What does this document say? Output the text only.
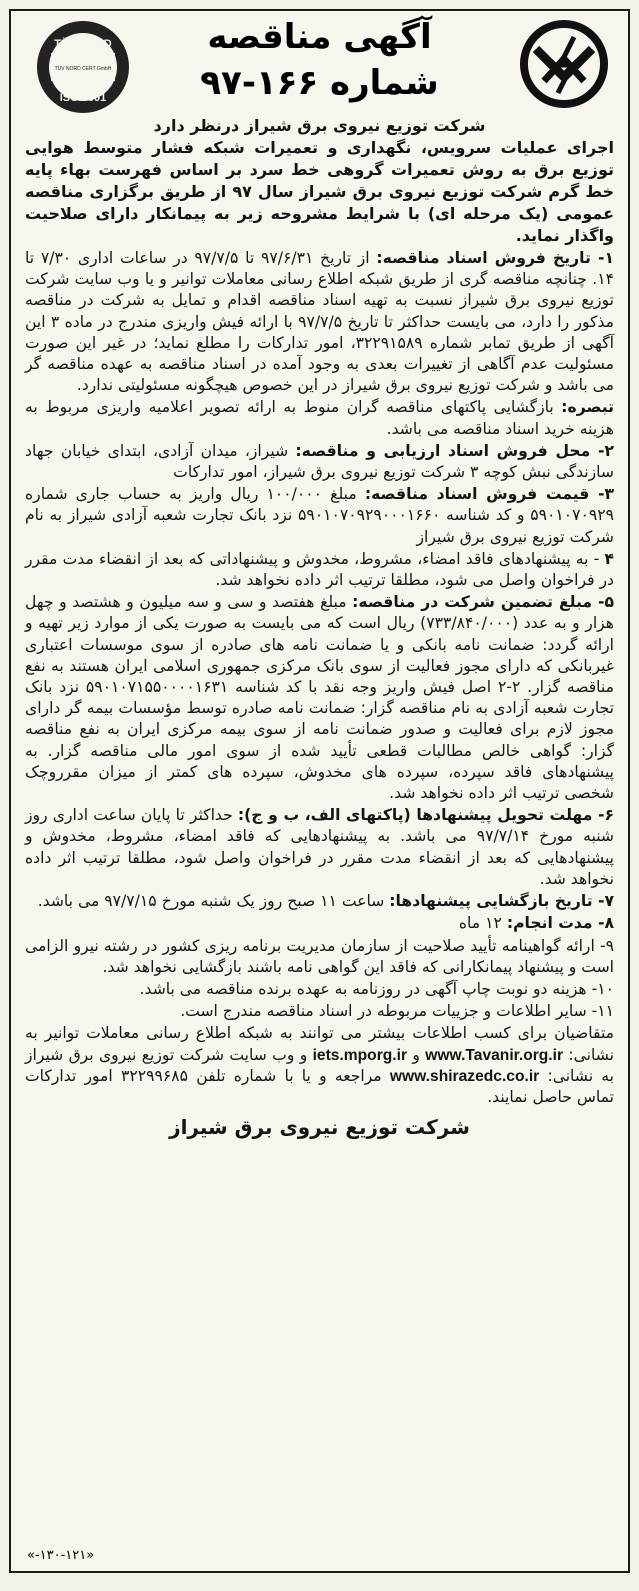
TÜV NORD
TÜV NORD CERT GmbH
ISO 9001
آگهی مناقصه
شماره ۱۶۶-۹۷
شرکت توزیع نیروی برق شیراز درنظر دارد

اجرای عملیات سرویس، نگهداری و تعمیرات شبکه فشار متوسط هوایی توزیع برق به روش تعمیرات گروهی خط سرد بر اساس فهرست بهاء پایه خط گرم شرکت توزیع نیروی برق شیراز سال ۹۷ از طریق برگزاری مناقصه عمومی (یک مرحله ای) با شرایط مشروحه زیر به پیمانکار دارای صلاحیت واگذار نماید.

۱- تاریخ فروش اسناد مناقصه: از تاریخ ۹۷/۶/۳۱ تا ۹۷/۷/۵ در ساعات اداری ۷/۳۰ تا ۱۴. چنانچه مناقصه گری از طریق شبکه اطلاع رسانی معاملات توانیر و یا وب سایت شرکت توزیع نیروی برق شیراز نسبت به تهیه اسناد مناقصه اقدام و تمایل به شرکت در مناقصه مذکور را دارد، می بایست حداکثر تا تاریخ ۹۷/۷/۵ با ارائه فیش واریزی مندرج در ماده ۳ این آگهی از طریق تمابر شماره ۳۲۲۹۱۵۸۹، امور تدارکات را مطلع نماید؛ در غیر این صورت مسئولیت عدم آگاهی از تغییرات بعدی به وجود آمده در اسناد مناقصه به عهده مناقصه گر می باشد و شرکت توزیع نیروی برق شیراز در این خصوص هیچگونه مسئولیتی ندارد.

تبصره: بازگشایی پاکتهای مناقصه گران منوط به ارائه تصویر اعلامیه واریزی مربوط به هزینه خرید اسناد مناقصه می باشد.

۲- محل فروش اسناد ارزیابی و مناقصه: شیراز، میدان آزادی، ابتدای خیابان جهاد سازندگی نبش کوچه ۳ شرکت توزیع نیروی برق شیراز، امور تدارکات

۳- قیمت فروش اسناد مناقصه: مبلغ ۱۰۰/۰۰۰ ریال واریز به حساب جاری شماره ۵۹۰۱۰۷۰۹۲۹ و کد شناسه ۵۹۰۱۰۷۰۹۲۹۰۰۰۱۶۶۰ نزد بانک تجارت شعبه آزادی شیراز به نام شرکت توزیع نیروی برق شیراز

۴ - به پیشنهادهای فاقد امضاء، مشروط، مخدوش و پیشنهاداتی که بعد از انقضاء مدت مقرر در فراخوان واصل می شود، مطلقا ترتیب اثر داده نخواهد شد.

۵- مبلغ تضمین شرکت در مناقصه: مبلغ هفتصد و سی و سه میلیون و هشتصد و چهل هزار و به عدد (۷۳۳/۸۴۰/۰۰۰) ریال است که می بایست به صورت یکی از موارد زیر تهیه و ارائه گردد: ضمانت نامه بانکی و یا ضمانت نامه های صادره از سوی موسسات اعتباری غیربانکی که دارای مجوز فعالیت از سوی بانک مرکزی جمهوری اسلامی ایران هستند به نفع مناقصه گزار. ۲-۲ اصل فیش واریز وجه نقد با کد شناسه ۵۹۰۱۰۷۱۵۵۰۰۰۰۱۶۳۱ نزد بانک تجارت شعبه آزادی به نام مناقصه گزار: ضمانت نامه صادره توسط مؤسسات بیمه گر دارای مجوز لازم برای فعالیت و صدور ضمانت نامه از سوی بیمه مرکزی ایران به نفع مناقصه گزار: گواهی خالص مطالبات قطعی تأیید شده از سوی امور مالی مناقصه گزار. به پیشنهادهای فاقد سپرده، سپرده های مخدوش، سپرده های کمتر از میزان مقرروچک شخصی ترتیب اثر داده نخواهد شد.

۶- مهلت تحویل پیشنهادها (پاکتهای الف، ب و ج): حداکثر تا پایان ساعت اداری روز شنبه مورخ ۹۷/۷/۱۴ می باشد. به پیشنهادهایی که فاقد امضاء، مشروط، مخدوش و پیشنهادهایی که بعد از انقضاء مدت مقرر در فراخوان واصل شود، مطلقا ترتیب اثر داده نخواهد شد.

۷- تاریخ بازگشایی پیشنهادها: ساعت ۱۱ صبح روز یک شنبه مورخ ۹۷/۷/۱۵ می باشد.

۸- مدت انجام: ۱۲ ماه

۹- ارائه گواهینامه تأیید صلاحیت از سازمان مدیریت برنامه ریزی کشور در رشته نیرو الزامی است و پیشنهاد پیمانکارانی که فاقد این گواهی نامه باشند بازگشایی نخواهد شد.

۱۰- هزینه دو نوبت چاپ آگهی در روزنامه به عهده برنده مناقصه می باشد.

۱۱- سایر اطلاعات و جزییات مربوطه در اسناد مناقصه مندرج است.

متقاضیان برای کسب اطلاعات بیشتر می توانند به شبکه اطلاع رسانی معاملات توانیر به نشانی: www.Tavanir.org.ir و iets.mporg.ir و وب سایت شرکت توزیع نیروی برق شیراز به نشانی: www.shirazedc.co.ir مراجعه و یا با شماره تلفن ۳۲۲۹۹۶۸۵ امور تدارکات تماس حاصل نمایند.

شرکت توزیع نیروی برق شیراز
«۱۳۰-۱۲۱-»
